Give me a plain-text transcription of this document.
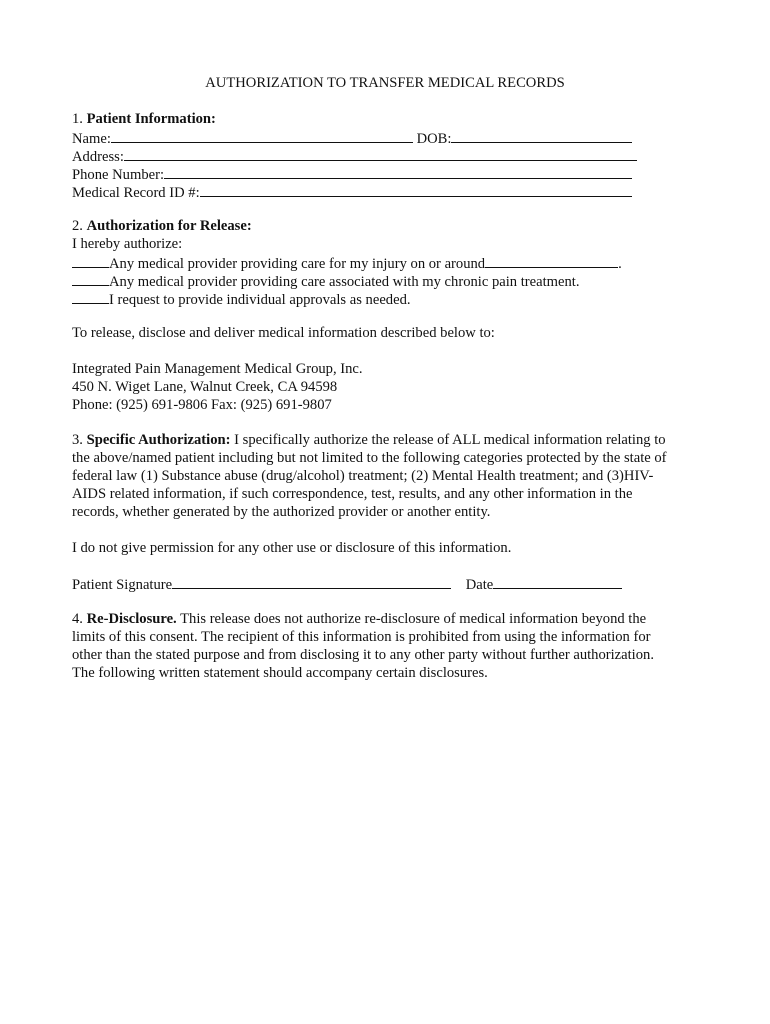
AUTHORIZATION TO TRANSFER MEDICAL RECORDS
1. Patient Information:
Name:	DOB:
Address:
Phone Number:
Medical Record ID #:
2. Authorization for Release:
I hereby authorize:
Any medical provider providing care for my injury on or around	.
Any medical provider providing care associated with my chronic pain treatment.
I request to provide individual approvals as needed.
To release, disclose and deliver medical information described below to:
Integrated Pain Management Medical Group, Inc.
450 N. Wiget Lane, Walnut Creek, CA 94598
Phone: (925) 691-9806 Fax: (925) 691-9807
3. Specific Authorization: I specifically authorize the release of ALL medical information relating to
the above/named patient including but not limited to the following categories protected by the state of
federal law (1) Substance abuse (drug/alcohol) treatment; (2) Mental Health treatment; and (3)HIV-
AIDS related information, if such correspondence, test, results, and any other information in the
records, whether generated by the authorized provider or another entity.
I do not give permission for any other use or disclosure of this information.
Patient Signature	Date
4. Re-Disclosure. This release does not authorize re-disclosure of medical information beyond the
limits of this consent. The recipient of this information is prohibited from using the information for
other than the stated purpose and from disclosing it to any other party without further authorization.
The following written statement should accompany certain disclosures.
